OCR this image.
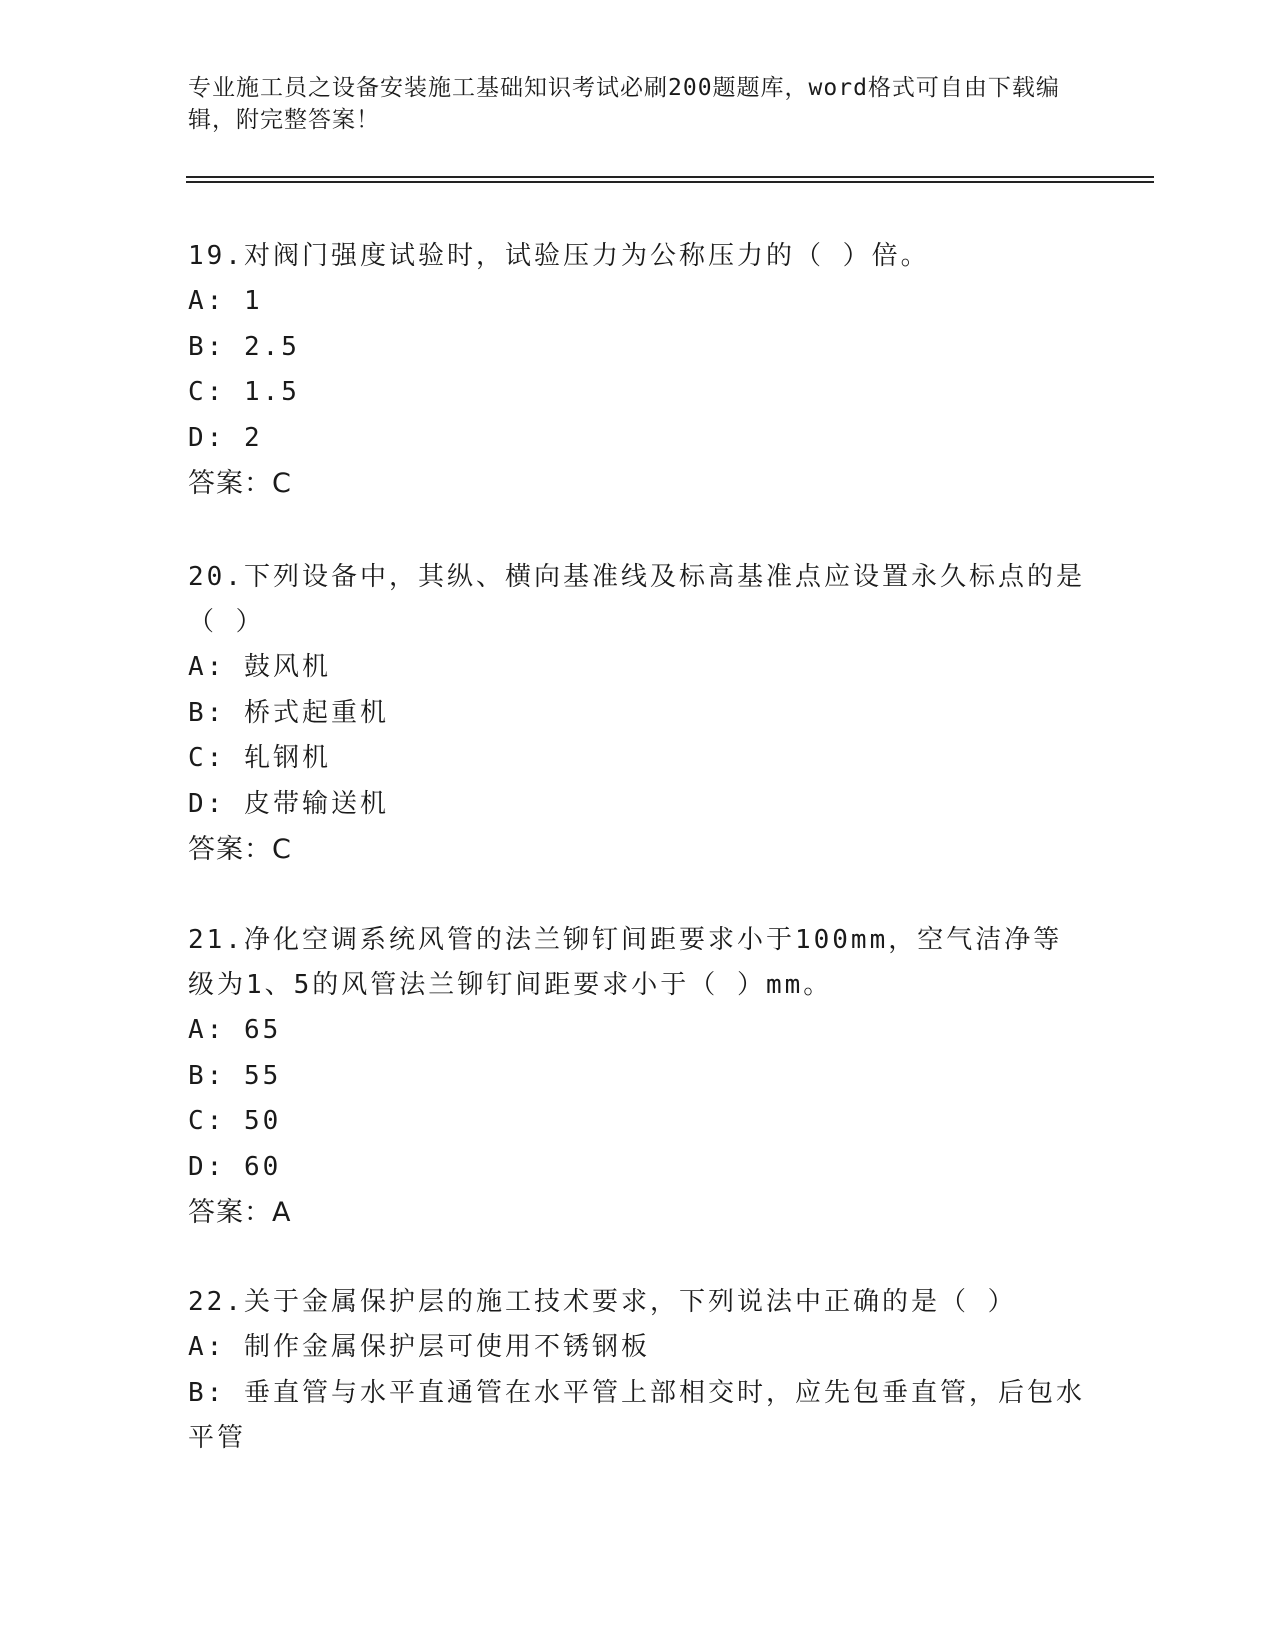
专业施工员之设备安装施工基础知识考试必刷200题题库，word格式可自由下载编辑，附完整答案！
19.对阀门强度试验时，试验压力为公称压力的（ ）倍。
A: 1
B: 2.5
C: 1.5
D: 2
答案：C
20.下列设备中，其纵、横向基准线及标高基准点应设置永久标点的是（ ）
A: 鼓风机
B: 桥式起重机
C: 轧钢机
D: 皮带输送机
答案：C
21.净化空调系统风管的法兰铆钉间距要求小于100mm，空气洁净等级为1、5的风管法兰铆钉间距要求小于（ ）mm。
A: 65
B: 55
C: 50
D: 60
答案：A
22.关于金属保护层的施工技术要求，下列说法中正确的是（ ）
A: 制作金属保护层可使用不锈钢板
B: 垂直管与水平直通管在水平管上部相交时，应先包垂直管，后包水平管
